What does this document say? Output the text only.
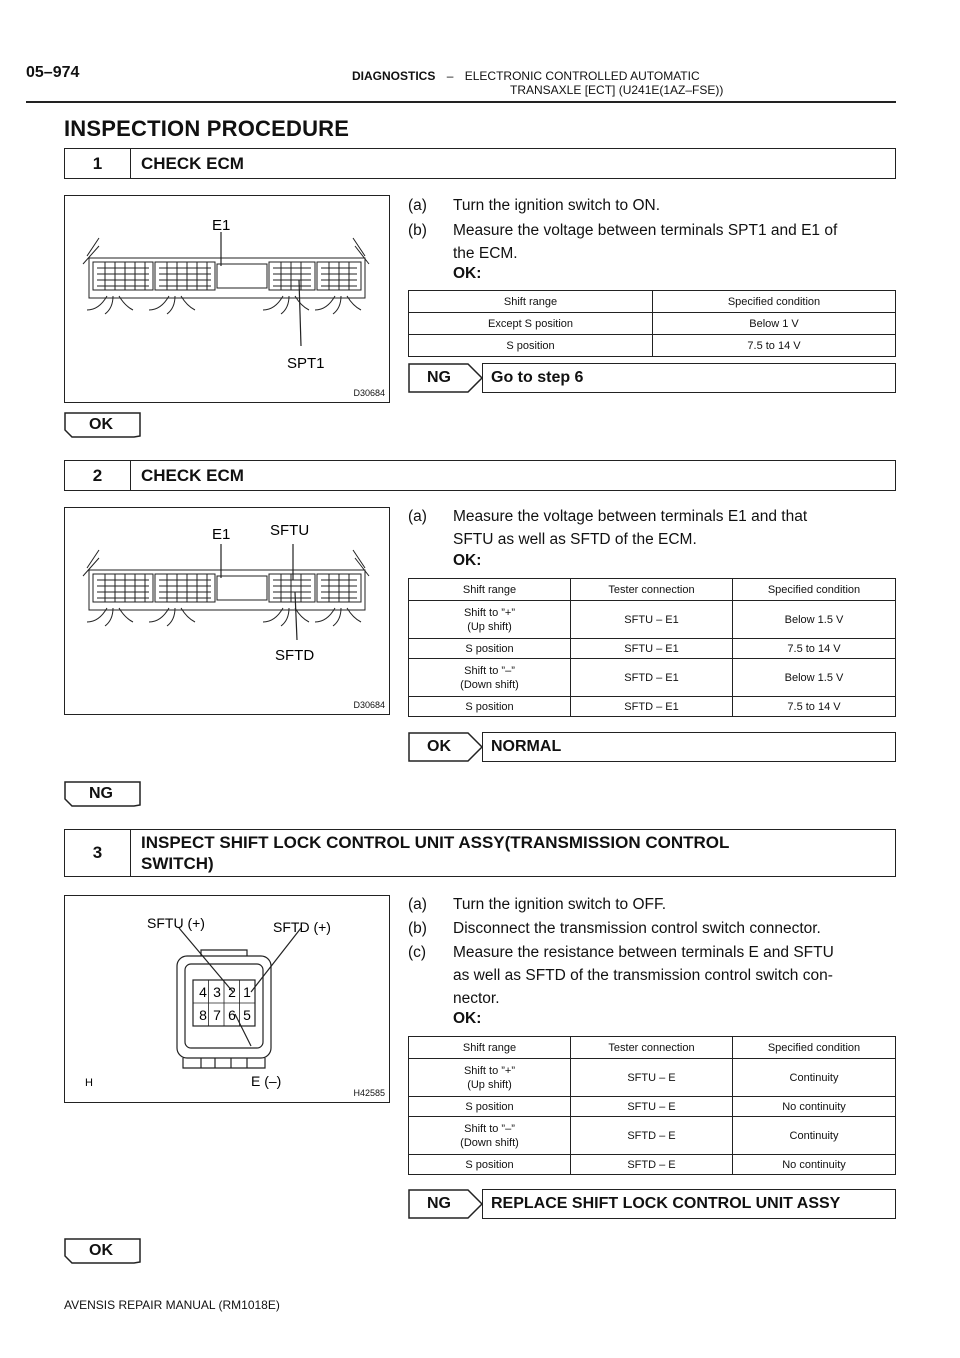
05–974	DIAGNOSTICS – ELECTRONIC CONTROLLED AUTOMATIC
TRANSAXLE [ECT] (U241E(1AZ–FSE))
INSPECTION PROCEDURE
1	CHECK ECM
E1
SPT1
D30684
(a) Turn the ignition switch to ON.
(b) Measure the voltage between terminals SPT1 and E1 of
the ECM.
OK:
Shift range	Specified condition
Except S position	Below 1 V
S position	7.5 to 14 V
NG	Go to step 6
OK
2	CHECK ECM
E1	SFTU
SFTD
D30684
(a) Measure the voltage between terminals E1 and that
SFTU as well as SFTD of the ECM.
OK:
Shift range	Tester connection	Specified condition
Shift to ”+”
(Up shift)	SFTU – E1	Below 1.5 V
S position	SFTU – E1	7.5 to 14 V
Shift to ”–”
(Down shift)	SFTD – E1	Below 1.5 V
S position	SFTD – E1	7.5 to 14 V
OK	NORMAL
NG
3
INSPECT SHIFT LOCK CONTROL UNIT ASSY(TRANSMISSION CONTROL
SWITCH)
4 3 2 1
8 7 6 5
SFTU (+)	SFTD (+)
E (–)
H
H42585
(a) Turn the ignition switch to OFF.
(b) Disconnect the transmission control switch connector.
(c) Measure the resistance between terminals E and SFTU
as well as SFTD of the transmission control switch con-
nector.
OK:
Shift range	Tester connection	Specified condition
Shift to ”+”
(Up shift)	SFTU – E	Continuity
S position	SFTU – E	No continuity
Shift to ”–”
(Down shift)	SFTD – E	Continuity
S position	SFTD – E	No continuity
NG	REPLACE SHIFT LOCK CONTROL UNIT ASSY
OK
AVENSIS REPAIR MANUAL (RM1018E)
